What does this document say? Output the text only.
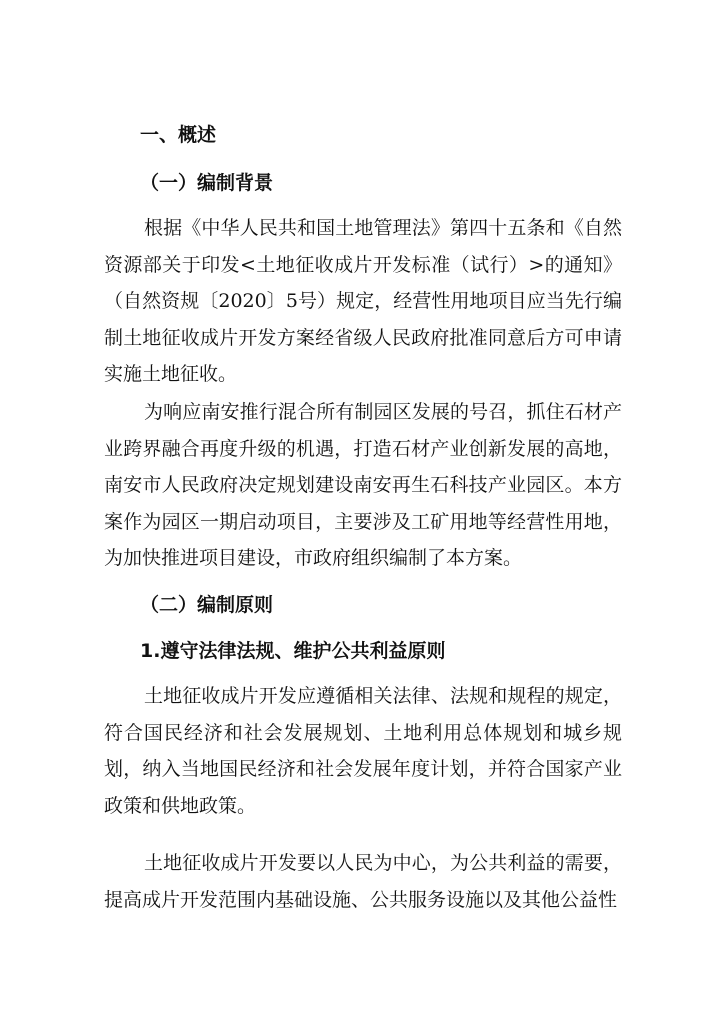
一、概述
（一）编制背景

根据《中华人民共和国土地管理法》第四十五条和《自然资源部关于印发<土地征收成片开发标准（试行）>的通知》（自然资规〔2020〕5号）规定，经营性用地项目应当先行编制土地征收成片开发方案经省级人民政府批准同意后方可申请实施土地征收。

为响应南安推行混合所有制园区发展的号召，抓住石材产业跨界融合再度升级的机遇，打造石材产业创新发展的高地，南安市人民政府决定规划建设南安再生石科技产业园区。本方案作为园区一期启动项目，主要涉及工矿用地等经营性用地，为加快推进项目建设，市政府组织编制了本方案。

（二）编制原则
1.遵守法律法规、维护公共利益原则

土地征收成片开发应遵循相关法律、法规和规程的规定，符合国民经济和社会发展规划、土地利用总体规划和城乡规划，纳入当地国民经济和社会发展年度计划，并符合国家产业政策和供地政策。

土地征收成片开发要以人民为中心，为公共利益的需要，提高成片开发范围内基础设施、公共服务设施以及其他公益性
